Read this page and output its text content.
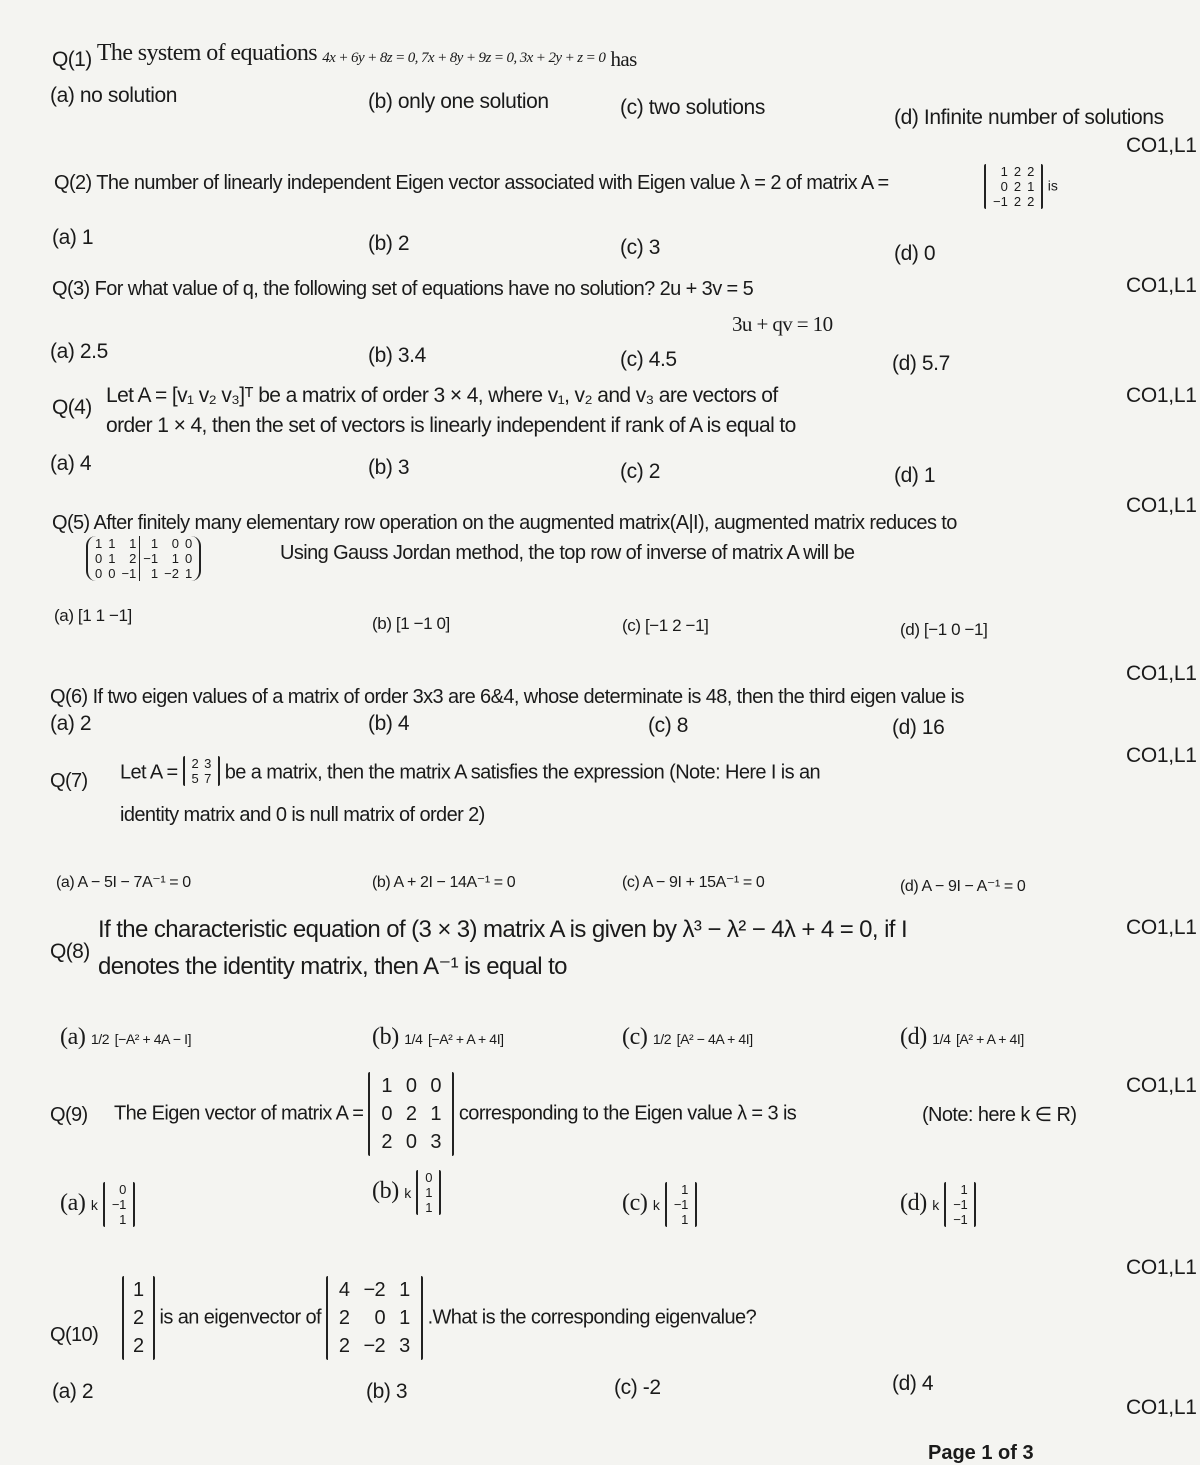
Q(1) The system of equations 4x + 6y + 8z = 0, 7x + 8y + 9z = 0, 3x + 2y + z = 0 has
(a) no solution	(b) only one solution	(c) two solutions	(d) Infinite number of solutions
CO1,L1
Q(2) The number of linearly independent Eigen vector associated with Eigen value λ = 2 of matrix A =
1	2	2
0	2	1
−1	2	2
is
(a) 1	(b) 2	(c) 3	(d) 0
CO1,L1
Q(3) For what value of q, the following set of equations have no solution? 2u + 3v = 5
3u + qv = 10
(a) 2.5	(b) 3.4	(c) 4.5	(d) 5.7
CO1,L1
Q(4)
Let A = [v₁ v₂ v₃]ᵀ be a matrix of order 3 × 4, where v₁, v₂ and v₃ are vectors of
order 1 × 4, then the set of vectors is linearly independent if rank of A is equal to
(a) 4	(b) 3	(c) 2	(d) 1
CO1,L1
Q(5) After finitely many elementary row operation on the augmented matrix(A|I), augmented matrix reduces to
1	1	1	1	0	0
0	1	2	−1	1	0
0	0	−1	1	−2	1
Using Gauss Jordan method, the top row of inverse of matrix A will be
(a) [1 1 −1]	(b) [1 −1 0]	(c) [−1 2 −1]	(d) [−1 0 −1]
CO1,L1
Q(6) If two eigen values of a matrix of order 3x3 are 6&4, whose determinate is 48, then the third eigen value is
(a) 2	(b) 4	(c) 8	(d) 16
CO1,L1
Q(7) Let A = 2	3
5	7 be a matrix, then the matrix A satisfies the expression (Note: Here I is an
identity matrix and 0 is null matrix of order 2)
(a) A − 5I − 7A⁻¹ = 0	(b) A + 2I − 14A⁻¹ = 0	(c) A − 9I + 15A⁻¹ = 0	(d) A − 9I − A⁻¹ = 0
CO1,L1
Q(8)
If the characteristic equation of (3 × 3) matrix A is given by λ³ − λ² − 4λ + 4 = 0, if I
denotes the identity matrix, then A⁻¹ is equal to
(a) 1/2 [−A² + 4A − I]	(b) 1/4 [−A² + A + 4I]	(c) 1/2 [A² − 4A + 4I]	(d) 1/4 [A² + A + 4I]
CO1,L1
Q(9) The Eigen vector of matrix A =
1	0	0
0	2	1
2	0	3
corresponding to the Eigen value λ = 3 is	(Note: here k ∈ R)
(a) k
0
−1
1
(b) k
0
1
1	(c) k
1
−1
1
(d) k
1
−1
−1
CO1,L1
Q(10)
1
2
2
is an eigenvector of
4	−2	1
2	0	1
2	−2	3
.What is the corresponding eigenvalue?
(a) 2	(b) 3	(c) -2	(d) 4
CO1,L1
Page 1 of 3
